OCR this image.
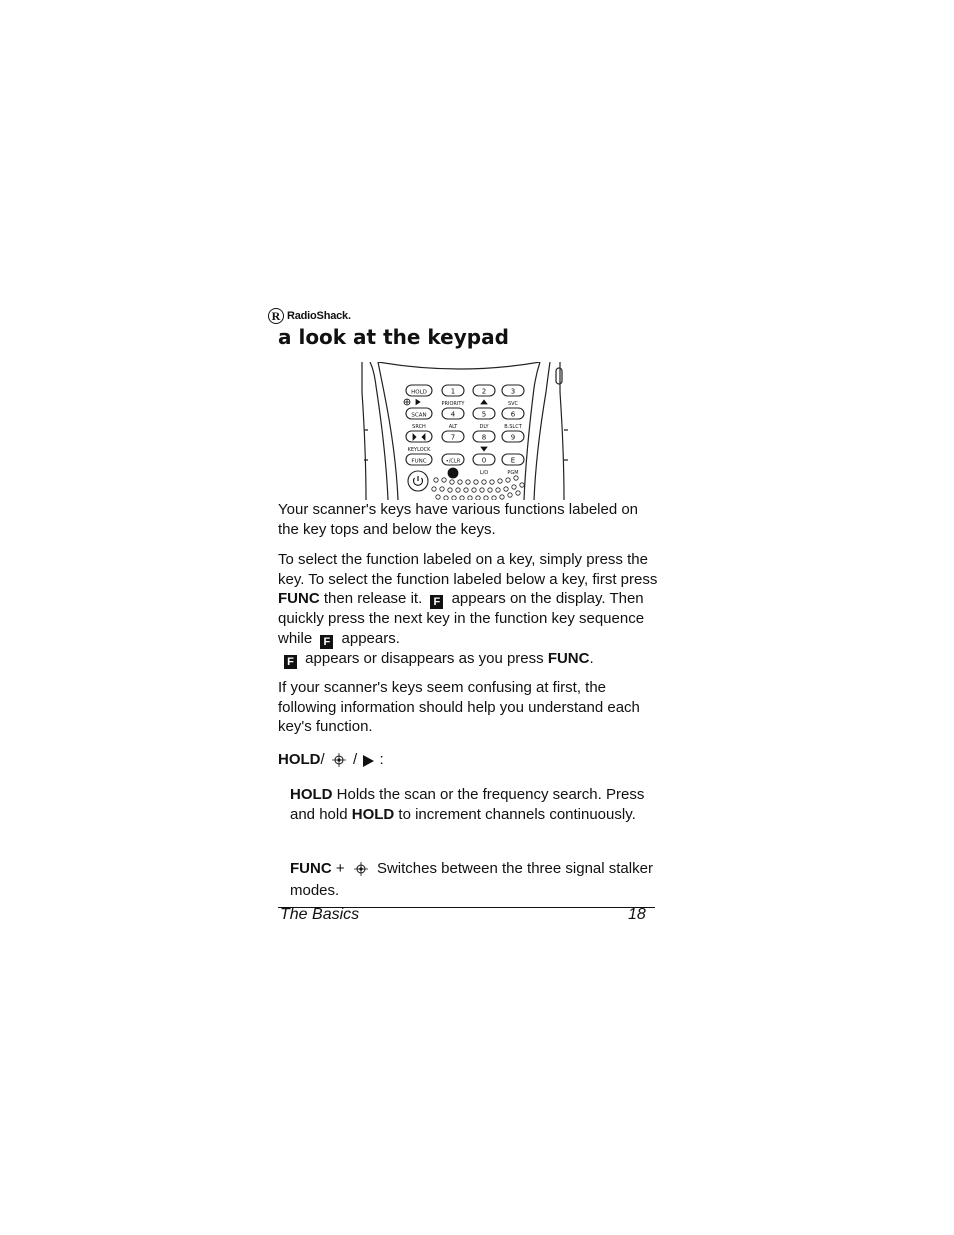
R RadioShack.
a look at the keypad
HOLD	1	2	3
SCAN	4	5	6
7	8	9
FUNC	•/CLR	0	E
PRIORITY	SVC
SRCH	ALT	DLY	B.SLCT
KEYLOCK
L/O	PGM

Your scanner's keys have various functions labeled on the key tops and below the keys.

To select the function labeled on a key, simply press the key. To select the function labeled below a key, first press FUNC then release it. F appears on the display. Then quickly press the next key in the function key sequence while F appears.
F appears or disappears as you press FUNC.

If your scanner's keys seem confusing at first, the following information should help you understand each key's function.

HOLD/  /  :

HOLD Holds the scan or the frequency search. Press and hold HOLD to increment channels continuously.

FUNC +  Switches between the three signal stalker modes.

The Basics	18
